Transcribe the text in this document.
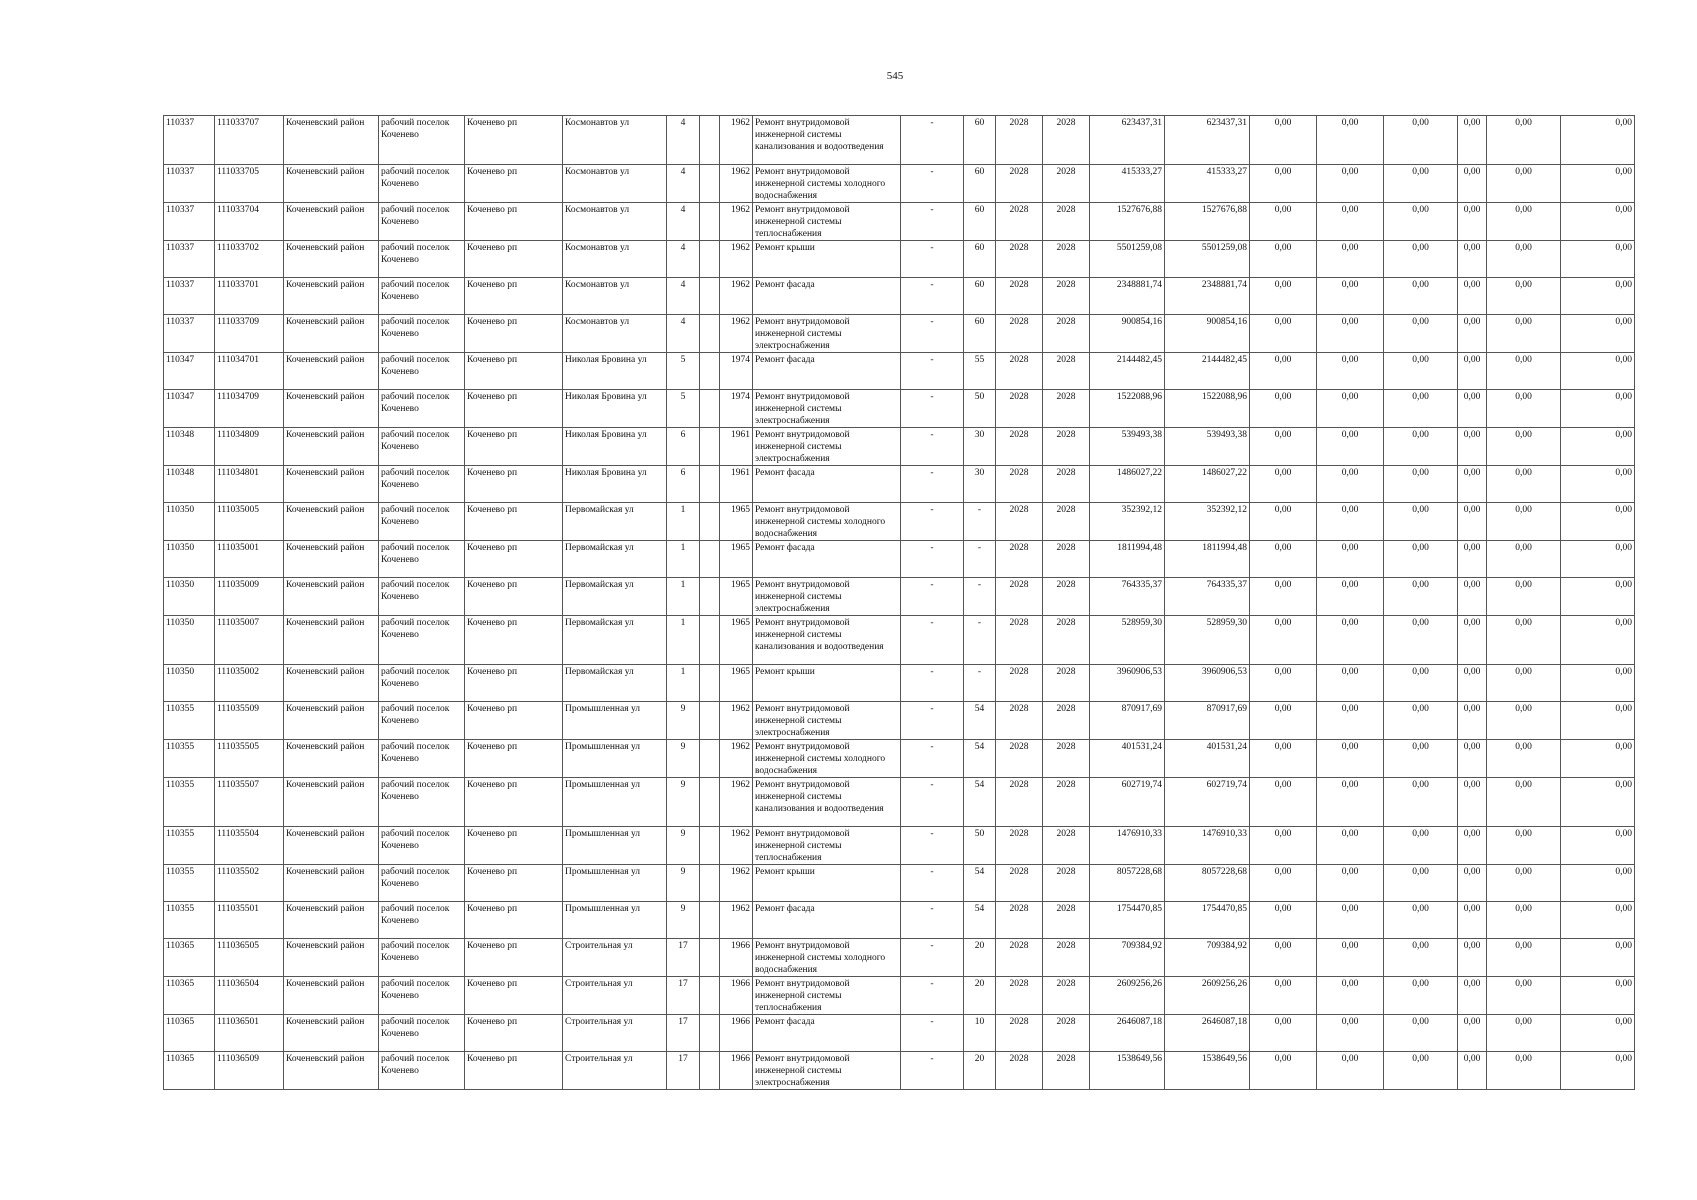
545
110337	111033707	Коченевский район	рабочий поселок Коченево	Коченево рп	Космонавтов ул	4		1962	Ремонт внутридомовой инженерной системы канализования и водоотведения	-	60	2028	2028	623437,31	623437,31	0,00	0,00	0,00	0,00	0,00	0,00
110337	111033705	Коченевский район	рабочий поселок Коченево	Коченево рп	Космонавтов ул	4		1962	Ремонт внутридомовой инженерной системы холодного водоснабжения	-	60	2028	2028	415333,27	415333,27	0,00	0,00	0,00	0,00	0,00	0,00
110337	111033704	Коченевский район	рабочий поселок Коченево	Коченево рп	Космонавтов ул	4		1962	Ремонт внутридомовой инженерной системы теплоснабжения	-	60	2028	2028	1527676,88	1527676,88	0,00	0,00	0,00	0,00	0,00	0,00
110337	111033702	Коченевский район	рабочий поселок Коченево	Коченево рп	Космонавтов ул	4		1962	Ремонт крыши	-	60	2028	2028	5501259,08	5501259,08	0,00	0,00	0,00	0,00	0,00	0,00
110337	111033701	Коченевский район	рабочий поселок Коченево	Коченево рп	Космонавтов ул	4		1962	Ремонт фасада	-	60	2028	2028	2348881,74	2348881,74	0,00	0,00	0,00	0,00	0,00	0,00
110337	111033709	Коченевский район	рабочий поселок Коченево	Коченево рп	Космонавтов ул	4		1962	Ремонт внутридомовой инженерной системы электроснабжения	-	60	2028	2028	900854,16	900854,16	0,00	0,00	0,00	0,00	0,00	0,00
110347	111034701	Коченевский район	рабочий поселок Коченево	Коченево рп	Николая Бровина ул	5		1974	Ремонт фасада	-	55	2028	2028	2144482,45	2144482,45	0,00	0,00	0,00	0,00	0,00	0,00
110347	111034709	Коченевский район	рабочий поселок Коченево	Коченево рп	Николая Бровина ул	5		1974	Ремонт внутридомовой инженерной системы электроснабжения	-	50	2028	2028	1522088,96	1522088,96	0,00	0,00	0,00	0,00	0,00	0,00
110348	111034809	Коченевский район	рабочий поселок Коченево	Коченево рп	Николая Бровина ул	6		1961	Ремонт внутридомовой инженерной системы электроснабжения	-	30	2028	2028	539493,38	539493,38	0,00	0,00	0,00	0,00	0,00	0,00
110348	111034801	Коченевский район	рабочий поселок Коченево	Коченево рп	Николая Бровина ул	6		1961	Ремонт фасада	-	30	2028	2028	1486027,22	1486027,22	0,00	0,00	0,00	0,00	0,00	0,00
110350	111035005	Коченевский район	рабочий поселок Коченево	Коченево рп	Первомайская ул	1		1965	Ремонт внутридомовой инженерной системы холодного водоснабжения	-	-	2028	2028	352392,12	352392,12	0,00	0,00	0,00	0,00	0,00	0,00
110350	111035001	Коченевский район	рабочий поселок Коченево	Коченево рп	Первомайская ул	1		1965	Ремонт фасада	-	-	2028	2028	1811994,48	1811994,48	0,00	0,00	0,00	0,00	0,00	0,00
110350	111035009	Коченевский район	рабочий поселок Коченево	Коченево рп	Первомайская ул	1		1965	Ремонт внутридомовой инженерной системы электроснабжения	-	-	2028	2028	764335,37	764335,37	0,00	0,00	0,00	0,00	0,00	0,00
110350	111035007	Коченевский район	рабочий поселок Коченево	Коченево рп	Первомайская ул	1		1965	Ремонт внутридомовой инженерной системы канализования и водоотведения	-	-	2028	2028	528959,30	528959,30	0,00	0,00	0,00	0,00	0,00	0,00
110350	111035002	Коченевский район	рабочий поселок Коченево	Коченево рп	Первомайская ул	1		1965	Ремонт крыши	-	-	2028	2028	3960906,53	3960906,53	0,00	0,00	0,00	0,00	0,00	0,00
110355	111035509	Коченевский район	рабочий поселок Коченево	Коченево рп	Промышленная ул	9		1962	Ремонт внутридомовой инженерной системы электроснабжения	-	54	2028	2028	870917,69	870917,69	0,00	0,00	0,00	0,00	0,00	0,00
110355	111035505	Коченевский район	рабочий поселок Коченево	Коченево рп	Промышленная ул	9		1962	Ремонт внутридомовой инженерной системы холодного водоснабжения	-	54	2028	2028	401531,24	401531,24	0,00	0,00	0,00	0,00	0,00	0,00
110355	111035507	Коченевский район	рабочий поселок Коченево	Коченево рп	Промышленная ул	9		1962	Ремонт внутридомовой инженерной системы канализования и водоотведения	-	54	2028	2028	602719,74	602719,74	0,00	0,00	0,00	0,00	0,00	0,00
110355	111035504	Коченевский район	рабочий поселок Коченево	Коченево рп	Промышленная ул	9		1962	Ремонт внутридомовой инженерной системы теплоснабжения	-	50	2028	2028	1476910,33	1476910,33	0,00	0,00	0,00	0,00	0,00	0,00
110355	111035502	Коченевский район	рабочий поселок Коченево	Коченево рп	Промышленная ул	9		1962	Ремонт крыши	-	54	2028	2028	8057228,68	8057228,68	0,00	0,00	0,00	0,00	0,00	0,00
110355	111035501	Коченевский район	рабочий поселок Коченево	Коченево рп	Промышленная ул	9		1962	Ремонт фасада	-	54	2028	2028	1754470,85	1754470,85	0,00	0,00	0,00	0,00	0,00	0,00
110365	111036505	Коченевский район	рабочий поселок Коченево	Коченево рп	Строительная ул	17		1966	Ремонт внутридомовой инженерной системы холодного водоснабжения	-	20	2028	2028	709384,92	709384,92	0,00	0,00	0,00	0,00	0,00	0,00
110365	111036504	Коченевский район	рабочий поселок Коченево	Коченево рп	Строительная ул	17		1966	Ремонт внутридомовой инженерной системы теплоснабжения	-	20	2028	2028	2609256,26	2609256,26	0,00	0,00	0,00	0,00	0,00	0,00
110365	111036501	Коченевский район	рабочий поселок Коченево	Коченево рп	Строительная ул	17		1966	Ремонт фасада	-	10	2028	2028	2646087,18	2646087,18	0,00	0,00	0,00	0,00	0,00	0,00
110365	111036509	Коченевский район	рабочий поселок Коченево	Коченево рп	Строительная ул	17		1966	Ремонт внутридомовой инженерной системы электроснабжения	-	20	2028	2028	1538649,56	1538649,56	0,00	0,00	0,00	0,00	0,00	0,00
